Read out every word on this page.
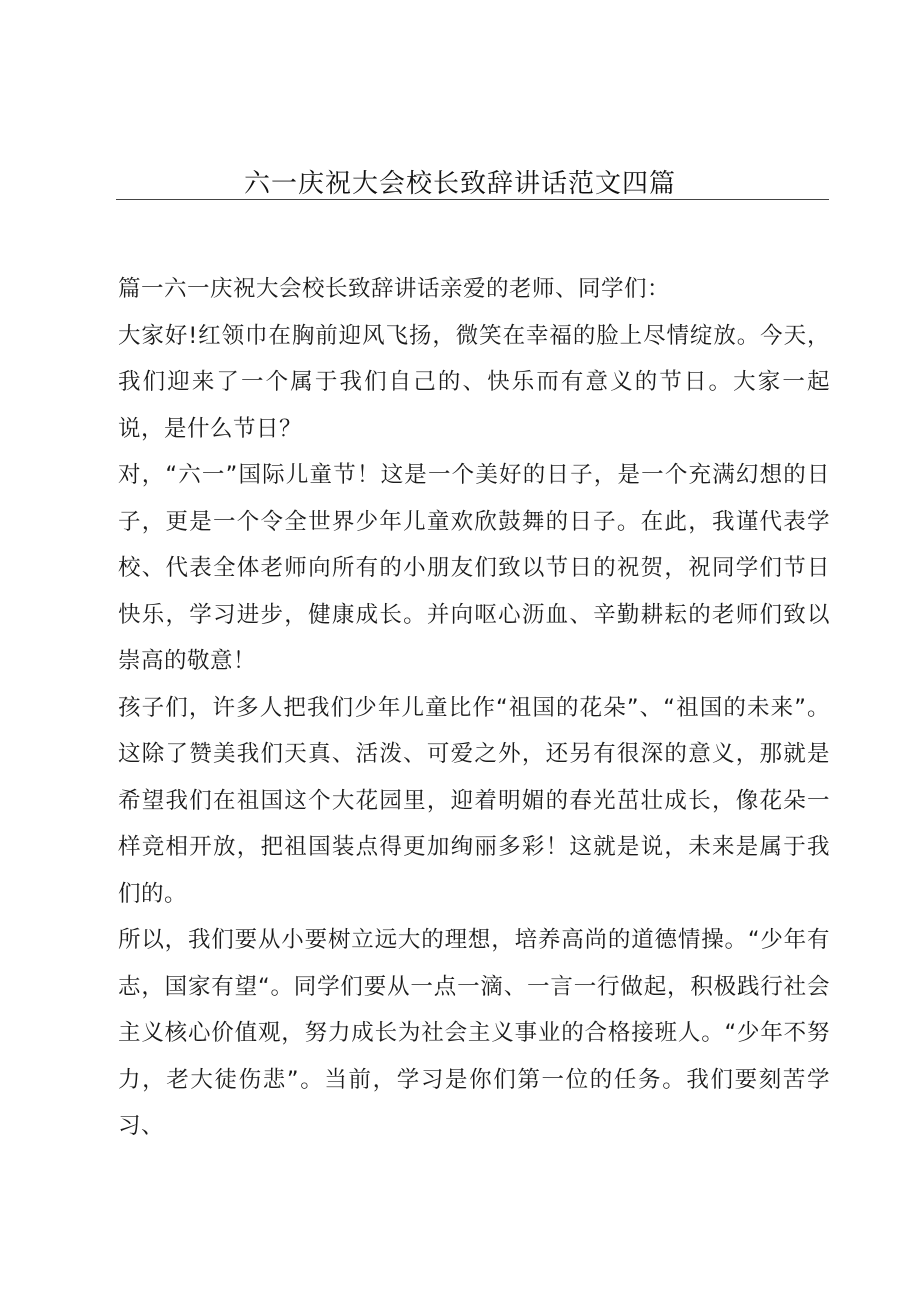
六一庆祝大会校长致辞讲话范文四篇

篇一六一庆祝大会校长致辞讲话亲爱的老师、同学们：

大家好!红领巾在胸前迎风飞扬，微笑在幸福的脸上尽情绽放。今天，我们迎来了一个属于我们自己的、快乐而有意义的节日。大家一起说，是什么节日？

对，“六一”国际儿童节！这是一个美好的日子，是一个充满幻想的日子，更是一个令全世界少年儿童欢欣鼓舞的日子。在此，我谨代表学校、代表全体老师向所有的小朋友们致以节日的祝贺，祝同学们节日快乐，学习进步，健康成长。并向呕心沥血、辛勤耕耘的老师们致以崇高的敬意！

孩子们，许多人把我们少年儿童比作“祖国的花朵”、“祖国的未来”。这除了赞美我们天真、活泼、可爱之外，还另有很深的意义，那就是希望我们在祖国这个大花园里，迎着明媚的春光茁壮成长，像花朵一样竞相开放，把祖国装点得更加绚丽多彩！这就是说，未来是属于我们的。

所以，我们要从小要树立远大的理想，培养高尚的道德情操。“少年有志，国家有望“。同学们要从一点一滴、一言一行做起，积极践行社会主义核心价值观，努力成长为社会主义事业的合格接班人。“少年不努力，老大徒伤悲”。当前，学习是你们第一位的任务。我们要刻苦学习、
